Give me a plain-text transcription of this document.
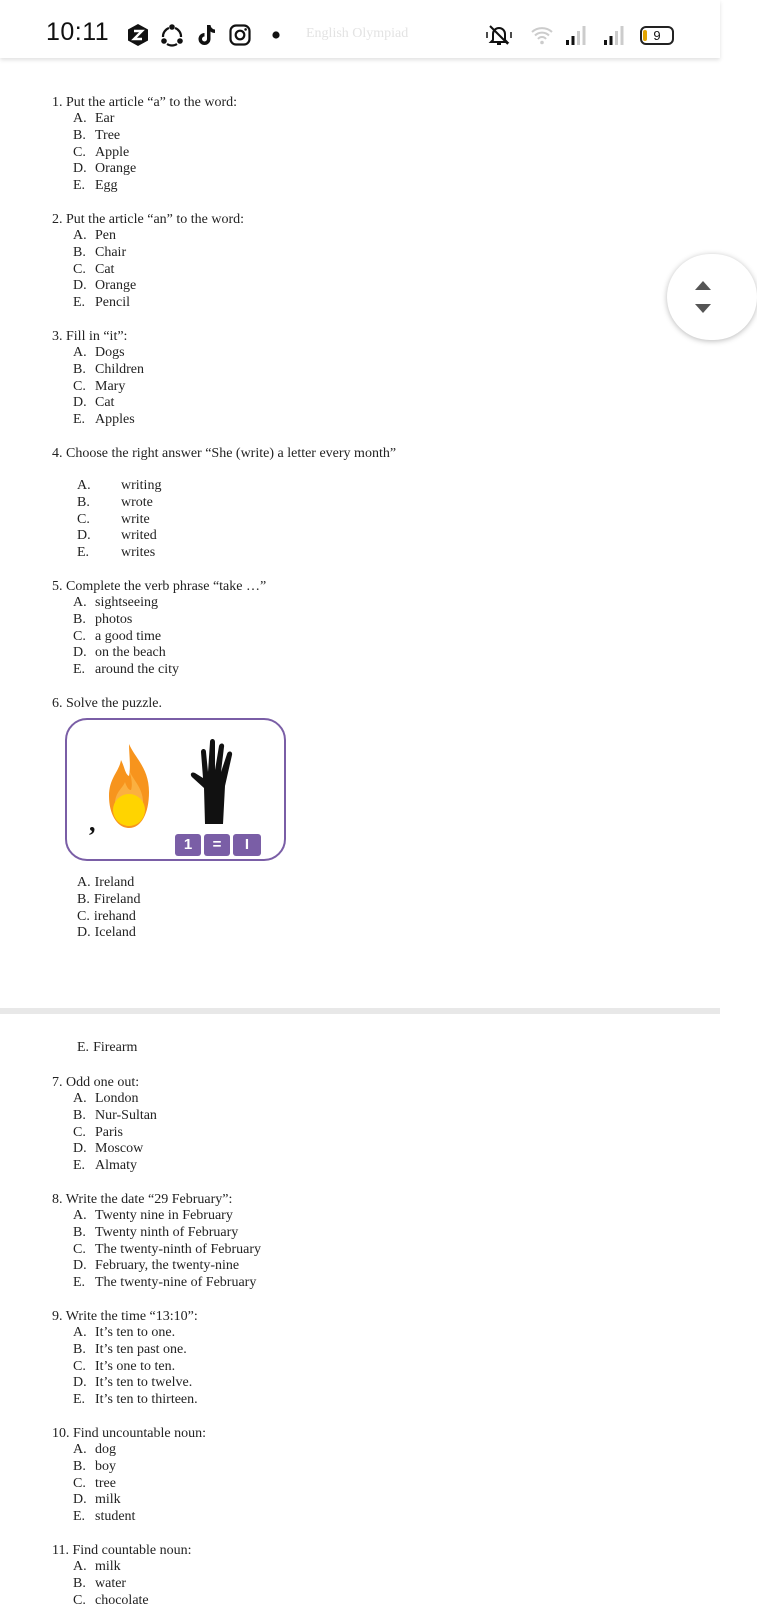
10:11	English Olympiad	9
1. Put the article “a” to the word:
A. Ear
B. Tree
C. Apple
D. Orange
E. Egg
2. Put the article “an” to the word:
A. Pen
B. Chair
C. Cat
D. Orange
E. Pencil
3. Fill in “it”:
A. Dogs
B. Children
C. Mary
D. Cat
E. Apples
4. Choose the right answer “She (write) a letter every month”
A.	writing
B.	wrote
C.	write
D.	writed
E.	writes
5. Complete the verb phrase “take …”
A. sightseeing
B. photos
C. a good time
D. on the beach
E. around the city
6. Solve the puzzle.
,
1	=	I
A. Ireland
B. Fireland
C. irehand
D. Iceland
E. Firearm
7. Odd one out:
A. London
B. Nur-Sultan
C. Paris
D. Moscow
E. Almaty
8. Write the date “29 February”:
A. Twenty nine in February
B. Twenty ninth of February
C. The twenty-ninth of February
D. February, the twenty-nine
E. The twenty-nine of February
9. Write the time “13:10”:
A. It’s ten to one.
B. It’s ten past one.
C. It’s one to ten.
D. It’s ten to twelve.
E. It’s ten to thirteen.
10. Find uncountable noun:
A. dog
B. boy
C. tree
D. milk
E. student
11. Find countable noun:
A. milk
B. water
C. chocolate
